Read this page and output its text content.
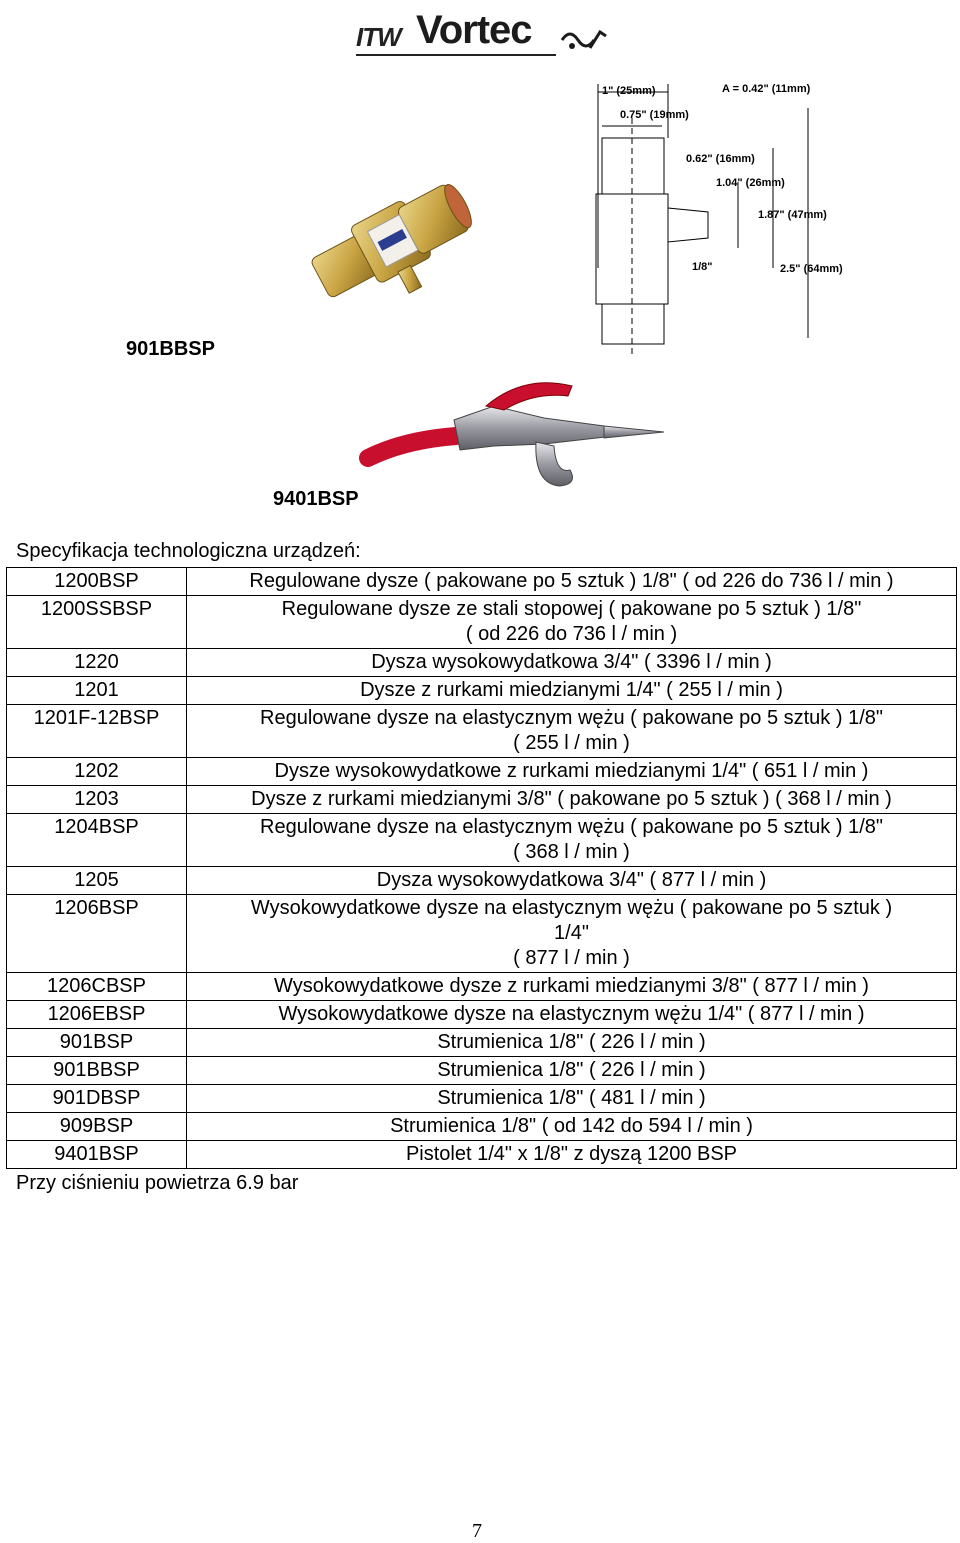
ITW Vortec
1" (25mm)
0.75" (19mm)
A = 0.42" (11mm)
0.62" (16mm)
1.04" (26mm)
1.87" (47mm)
1/8"	2.5" (64mm)
901BBSP
9401BSP
Specyfikacja technologiczna urządzeń:
1200BSP	Regulowane dysze ( pakowane po 5 sztuk ) 1/8" ( od 226 do 736 l / min )

1200SSBSP	Regulowane dysze ze stali stopowej ( pakowane po 5 sztuk ) 1/8"
( od 226 do 736 l / min )

1220	Dysza wysokowydatkowa 3/4" ( 3396 l / min )

1201	Dysze z rurkami miedzianymi 1/4" ( 255 l / min )

1201F-12BSP	Regulowane dysze na elastycznym wężu ( pakowane po 5 sztuk ) 1/8"
( 255 l / min )

1202	Dysze wysokowydatkowe z rurkami miedzianymi 1/4" ( 651 l / min )

1203	Dysze z rurkami miedzianymi 3/8" ( pakowane po 5 sztuk ) ( 368 l / min )

1204BSP	Regulowane dysze na elastycznym wężu ( pakowane po 5 sztuk ) 1/8"
( 368 l / min )

1205	Dysza wysokowydatkowa 3/4" ( 877 l / min )

1206BSP	Wysokowydatkowe dysze na elastycznym wężu ( pakowane po 5 sztuk )
1/4"
( 877 l / min )

1206CBSP	Wysokowydatkowe dysze z rurkami miedzianymi 3/8" ( 877 l / min )

1206EBSP	Wysokowydatkowe dysze na elastycznym wężu 1/4" ( 877 l / min )

901BSP	Strumienica 1/8" ( 226 l / min )

901BBSP	Strumienica 1/8" ( 226 l / min )

901DBSP	Strumienica 1/8" ( 481 l / min )

909BSP	Strumienica 1/8" ( od 142 do 594 l / min )

9401BSP	Pistolet 1/4" x 1/8" z dyszą 1200 BSP
Przy ciśnieniu powietrza 6.9 bar
7
